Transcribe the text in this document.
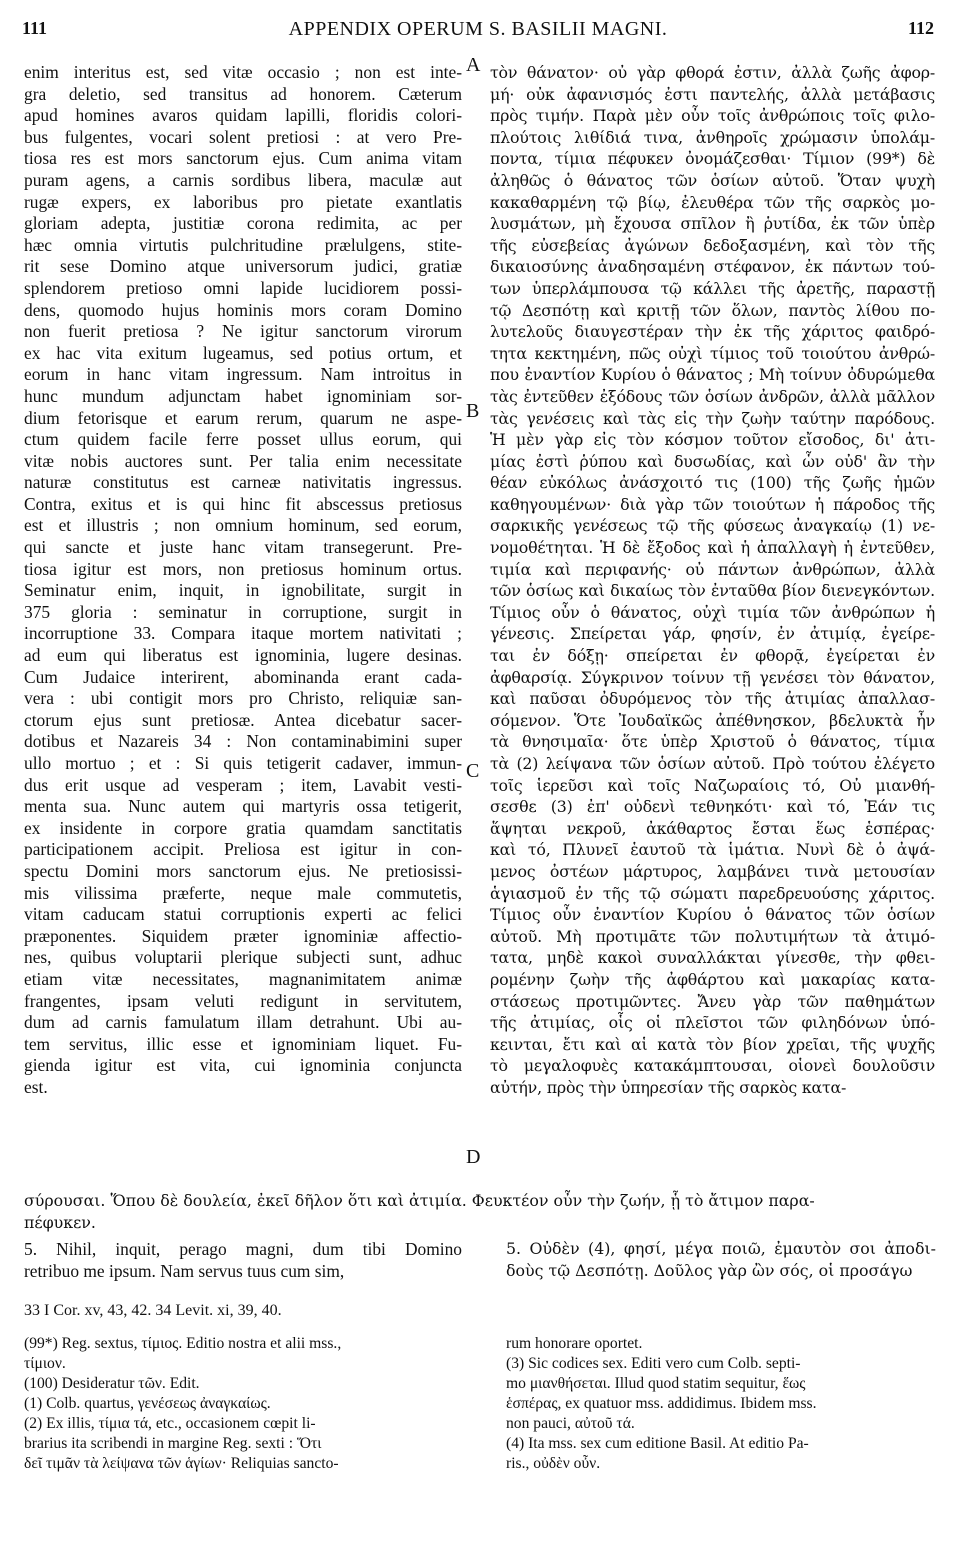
111	APPENDIX OPERUM S. BASILII MAGNI.	112
enim interitus est, sed vitæ occasio ; non est inte-
gra deletio, sed transitus ad honorem. Cæterum
apud homines avaros quidam lapilli, floridis colori-
bus fulgentes, vocari solent pretiosi : at vero Pre-
tiosa res est mors sanctorum ejus. Cum anima vitam
puram agens, a carnis sordibus libera, maculæ aut
rugæ expers, ex laboribus pro pietate exantlatis
gloriam adepta, justitiæ corona redimita, ac per
hæc omnia virtutis pulchritudine prælulgens, stite-
rit sese Domino atque universorum judici, gratiæ
splendorem pretioso omni lapide lucidiorem possi-
dens, quomodo hujus hominis mors coram Domino
non fuerit pretiosa ? Ne igitur sanctorum virorum
ex hac vita exitum lugeamus, sed potius ortum, et
eorum in hanc vitam ingressum. Nam introitus in
hunc mundum adjunctam habet ignominiam sor-
dium fetorisque et earum rerum, quarum ne aspe-
ctum quidem facile ferre posset ullus eorum, qui
vitæ nobis auctores sunt. Per talia enim necessitate
naturæ constitutus est carneæ nativitatis ingressus.
Contra, exitus et is qui hinc fit abscessus pretiosus
est et illustris ; non omnium hominum, sed eorum,
qui sancte et juste hanc vitam transegerunt. Pre-
tiosa igitur est mors, non pretiosus hominum ortus.
Seminatur enim, inquit, in ignobilitate, surgit in
375 gloria : seminatur in corruptione, surgit in
incorruptione 33. Compara itaque mortem nativitati ;
ad eum qui liberatus est ignominia, lugere desinas.
Cum Judaice interirent, abominanda erant cada-
vera : ubi contigit mors pro Christo, reliquiæ san-
ctorum ejus sunt pretiosæ. Antea dicebatur sacer-
dotibus et Nazareis 34 : Non contaminabimini super
ullo mortuo ; et : Si quis tetigerit cadaver, immun-
dus erit usque ad vesperam ; item, Lavabit vesti-
menta sua. Nunc autem qui martyris ossa tetigerit,
ex insidente in corpore gratia quamdam sanctitatis
participationem accipit. Preliosa est igitur in con-
spectu Domini mors sanctorum ejus. Ne pretiosissi-
mis vilissima præferte, neque male commutetis,
vitam caducam statui corruptionis experti ac felici
præponentes. Siquidem præter ignominiæ affectio-
nes, quibus voluptarii plerique subjecti sunt, adhuc
etiam vitæ necessitates, magnanimitatem animæ
frangentes, ipsam veluti redigunt in servitutem,
dum ad carnis famulatum illam detrahunt. Ubi au-
tem servitus, illic esse et ignominiam liquet. Fu-
gienda igitur est vita, cui ignominia conjuncta
est.
τὸν θάνατον· οὐ γὰρ φθορά ἐστιν, ἀλλὰ ζωῆς ἀφορ-
μή· οὐκ ἀφανισμός ἐστι παντελής, ἀλλὰ μετάβασις
πρὸς τιμήν. Παρὰ μὲν οὖν τοῖς ἀνθρώποις τοῖς φιλο-
πλούτοις λιθίδιά τινα, ἀνθηροῖς χρώμασιν ὑπολάμ-
ποντα, τίμια πέφυκεν ὀνομάζεσθαι· Τίμιον (99*) δὲ
ἀληθῶς ὁ θάνατος τῶν ὁσίων αὐτοῦ. Ὅταν ψυχὴ
κακαθαρμένη τῷ βίῳ, ἐλευθέρα τῶν τῆς σαρκὸς μο-
λυσμάτων, μὴ ἔχουσα σπῖλον ἢ ῥυτίδα, ἐκ τῶν ὑπὲρ
τῆς εὐσεβείας ἀγώνων δεδοξασμένη, καὶ τὸν τῆς
δικαιοσύνης ἀναδησαμένη στέφανον, ἐκ πάντων τού-
των ὑπερλάμπουσα τῷ κάλλει τῆς ἀρετῆς, παραστῇ
τῷ Δεσπότῃ καὶ κριτῇ τῶν ὅλων, παντὸς λίθου πο-
λυτελοῦς διαυγεστέραν τὴν ἐκ τῆς χάριτος φαιδρό-
τητα κεκτημένη, πῶς οὐχὶ τίμιος τοῦ τοιούτου ἀνθρώ-
που ἐναντίον Κυρίου ὁ θάνατος ; Μὴ τοίνυν ὀδυρώμεθα
τὰς ἐντεῦθεν ἐξόδους τῶν ὁσίων ἀνδρῶν, ἀλλὰ μᾶλλον
τὰς γενέσεις καὶ τὰς εἰς τὴν ζωὴν ταύτην παρόδους.
Ἡ μὲν γὰρ εἰς τὸν κόσμον τοῦτον εἴσοδος, δι' ἀτι-
μίας ἐστὶ ῥύπου καὶ δυσωδίας, καὶ ὧν οὐδ' ἂν τὴν
θέαν εὐκόλως ἀνάσχοιτό τις (100) τῆς ζωῆς ἡμῶν
καθηγουμένων· διὰ γὰρ τῶν τοιούτων ἡ πάροδος τῆς
σαρκικῆς γενέσεως τῷ τῆς φύσεως ἀναγκαίῳ (1) νε-
νομοθέτηται. Ἡ δὲ ἔξοδος καὶ ἡ ἀπαλλαγὴ ἡ ἐντεῦθεν,
τιμία καὶ περιφανής· οὐ πάντων ἀνθρώπων, ἀλλὰ
τῶν ὁσίως καὶ δικαίως τὸν ἐνταῦθα βίον διενεγκόντων.
Τίμιος οὖν ὁ θάνατος, οὐχὶ τιμία τῶν ἀνθρώπων ἡ
γένεσις. Σπείρεται γάρ, φησίν, ἐν ἀτιμίᾳ, ἐγείρε-
ται ἐν δόξῃ· σπείρεται ἐν φθορᾷ, ἐγείρεται ἐν
ἀφθαρσίᾳ. Σύγκρινον τοίνυν τῇ γενέσει τὸν θάνατον,
καὶ παῦσαι ὀδυρόμενος τὸν τῆς ἀτιμίας ἀπαλλασ-
σόμενον. Ὅτε Ἰουδαϊκῶς ἀπέθνησκον, βδελυκτὰ ἦν
τὰ θνησιμαῖα· ὅτε ὑπὲρ Χριστοῦ ὁ θάνατος, τίμια
τὰ (2) λείψανα τῶν ὁσίων αὐτοῦ. Πρὸ τούτου ἐλέγετο
τοῖς ἱερεῦσι καὶ τοῖς Ναζωραίοις τό, Οὐ μιανθή-
σεσθε (3) ἐπ' οὐδενὶ τεθνηκότι· καὶ τό, Ἐάν τις
ἅψηται νεκροῦ, ἀκάθαρτος ἔσται ἕως ἑσπέρας·
καὶ τό, Πλυνεῖ ἑαυτοῦ τὰ ἱμάτια. Νυνὶ δὲ ὁ ἀψά-
μενος ὀστέων μάρτυρος, λαμβάνει τινὰ μετουσίαν
ἁγιασμοῦ ἐν τῆς τῷ σώματι παρεδρευούσης χάριτος.
Τίμιος οὖν ἐναντίον Κυρίου ὁ θάνατος τῶν ὁσίων
αὐτοῦ. Μὴ προτιμᾶτε τῶν πολυτιμήτων τὰ ἀτιμό-
τατα, μηδὲ κακοὶ συναλλάκται γίνεσθε, τὴν φθει-
ρομένην ζωὴν τῆς ἀφθάρτου καὶ μακαρίας κατα-
στάσεως προτιμῶντες. Ἄνευ γὰρ τῶν παθημάτων
τῆς ἀτιμίας, οἷς οἱ πλεῖστοι τῶν φιληδόνων ὑπό-
κεινται, ἔτι καὶ αἱ κατὰ τὸν βίον χρεῖαι, τῆς ψυχῆς
τὸ μεγαλοφυὲς κατακάμπτουσαι, οἱονεὶ δουλοῦσιν
αὐτήν, πρὸς τὴν ὑπηρεσίαν τῆς σαρκὸς κατα-
A
B
C
D
σύρουσαι. Ὅπου δὲ δουλεία, ἐκεῖ δῆλον ὅτι καὶ ἀτιμία. Φευκτέον οὖν τὴν ζωήν, ᾗ τὸ ἄτιμον παρα-
πέφυκεν.
5. Nihil, inquit, perago magni, dum tibi Domino
retribuo me ipsum. Nam servus tuus cum sim,
5. Οὐδὲν (4), φησί, μέγα ποιῶ, ἐμαυτὸν σοι ἀποδι-
δοὺς τῷ Δεσπότῃ. Δοῦλος γὰρ ὢν σός, οἱ προσάγω
33 I Cor. xv, 43, 42. 34 Levit. xi, 39, 40.
(99*) Reg. sextus, τίμιος. Editio nostra et alii mss.,
τίμιον.
(100) Desideratur τῶν. Edit.
(1) Colb. quartus, γενέσεως ἀναγκαίως.
(2) Ex illis, τίμια τά, etc., occasionem cœpit li-
brarius ita scribendi in margine Reg. sexti : Ὅτι
δεῖ τιμᾶν τὰ λείψανα τῶν ἁγίων· Reliquias sancto-
rum honorare oportet.
(3) Sic codices sex. Editi vero cum Colb. septi-
mo μιανθήσεται. Illud quod statim sequitur, ἕως
ἑσπέρας, ex quatuor mss. addidimus. Ibidem mss.
non pauci, αὐτοῦ τά.
(4) Ita mss. sex cum editione Basil. At editio Pa-
ris., οὐδὲν οὖν.
